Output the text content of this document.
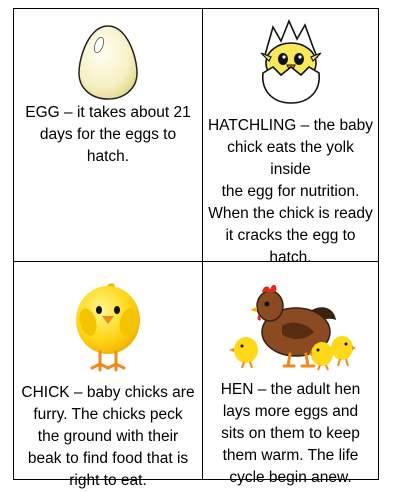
EGG – it takes about 21
days for the eggs to
hatch.
HATCHLING – the baby
chick eats the yolk inside
the egg for nutrition.
When the chick is ready
it cracks the egg to
hatch.
CHICK – baby chicks are
furry. The chicks peck
the ground with their
beak to find food that is
right to eat.
HEN – the adult hen
lays more eggs and
sits on them to keep
them warm. The life
cycle begin anew.
